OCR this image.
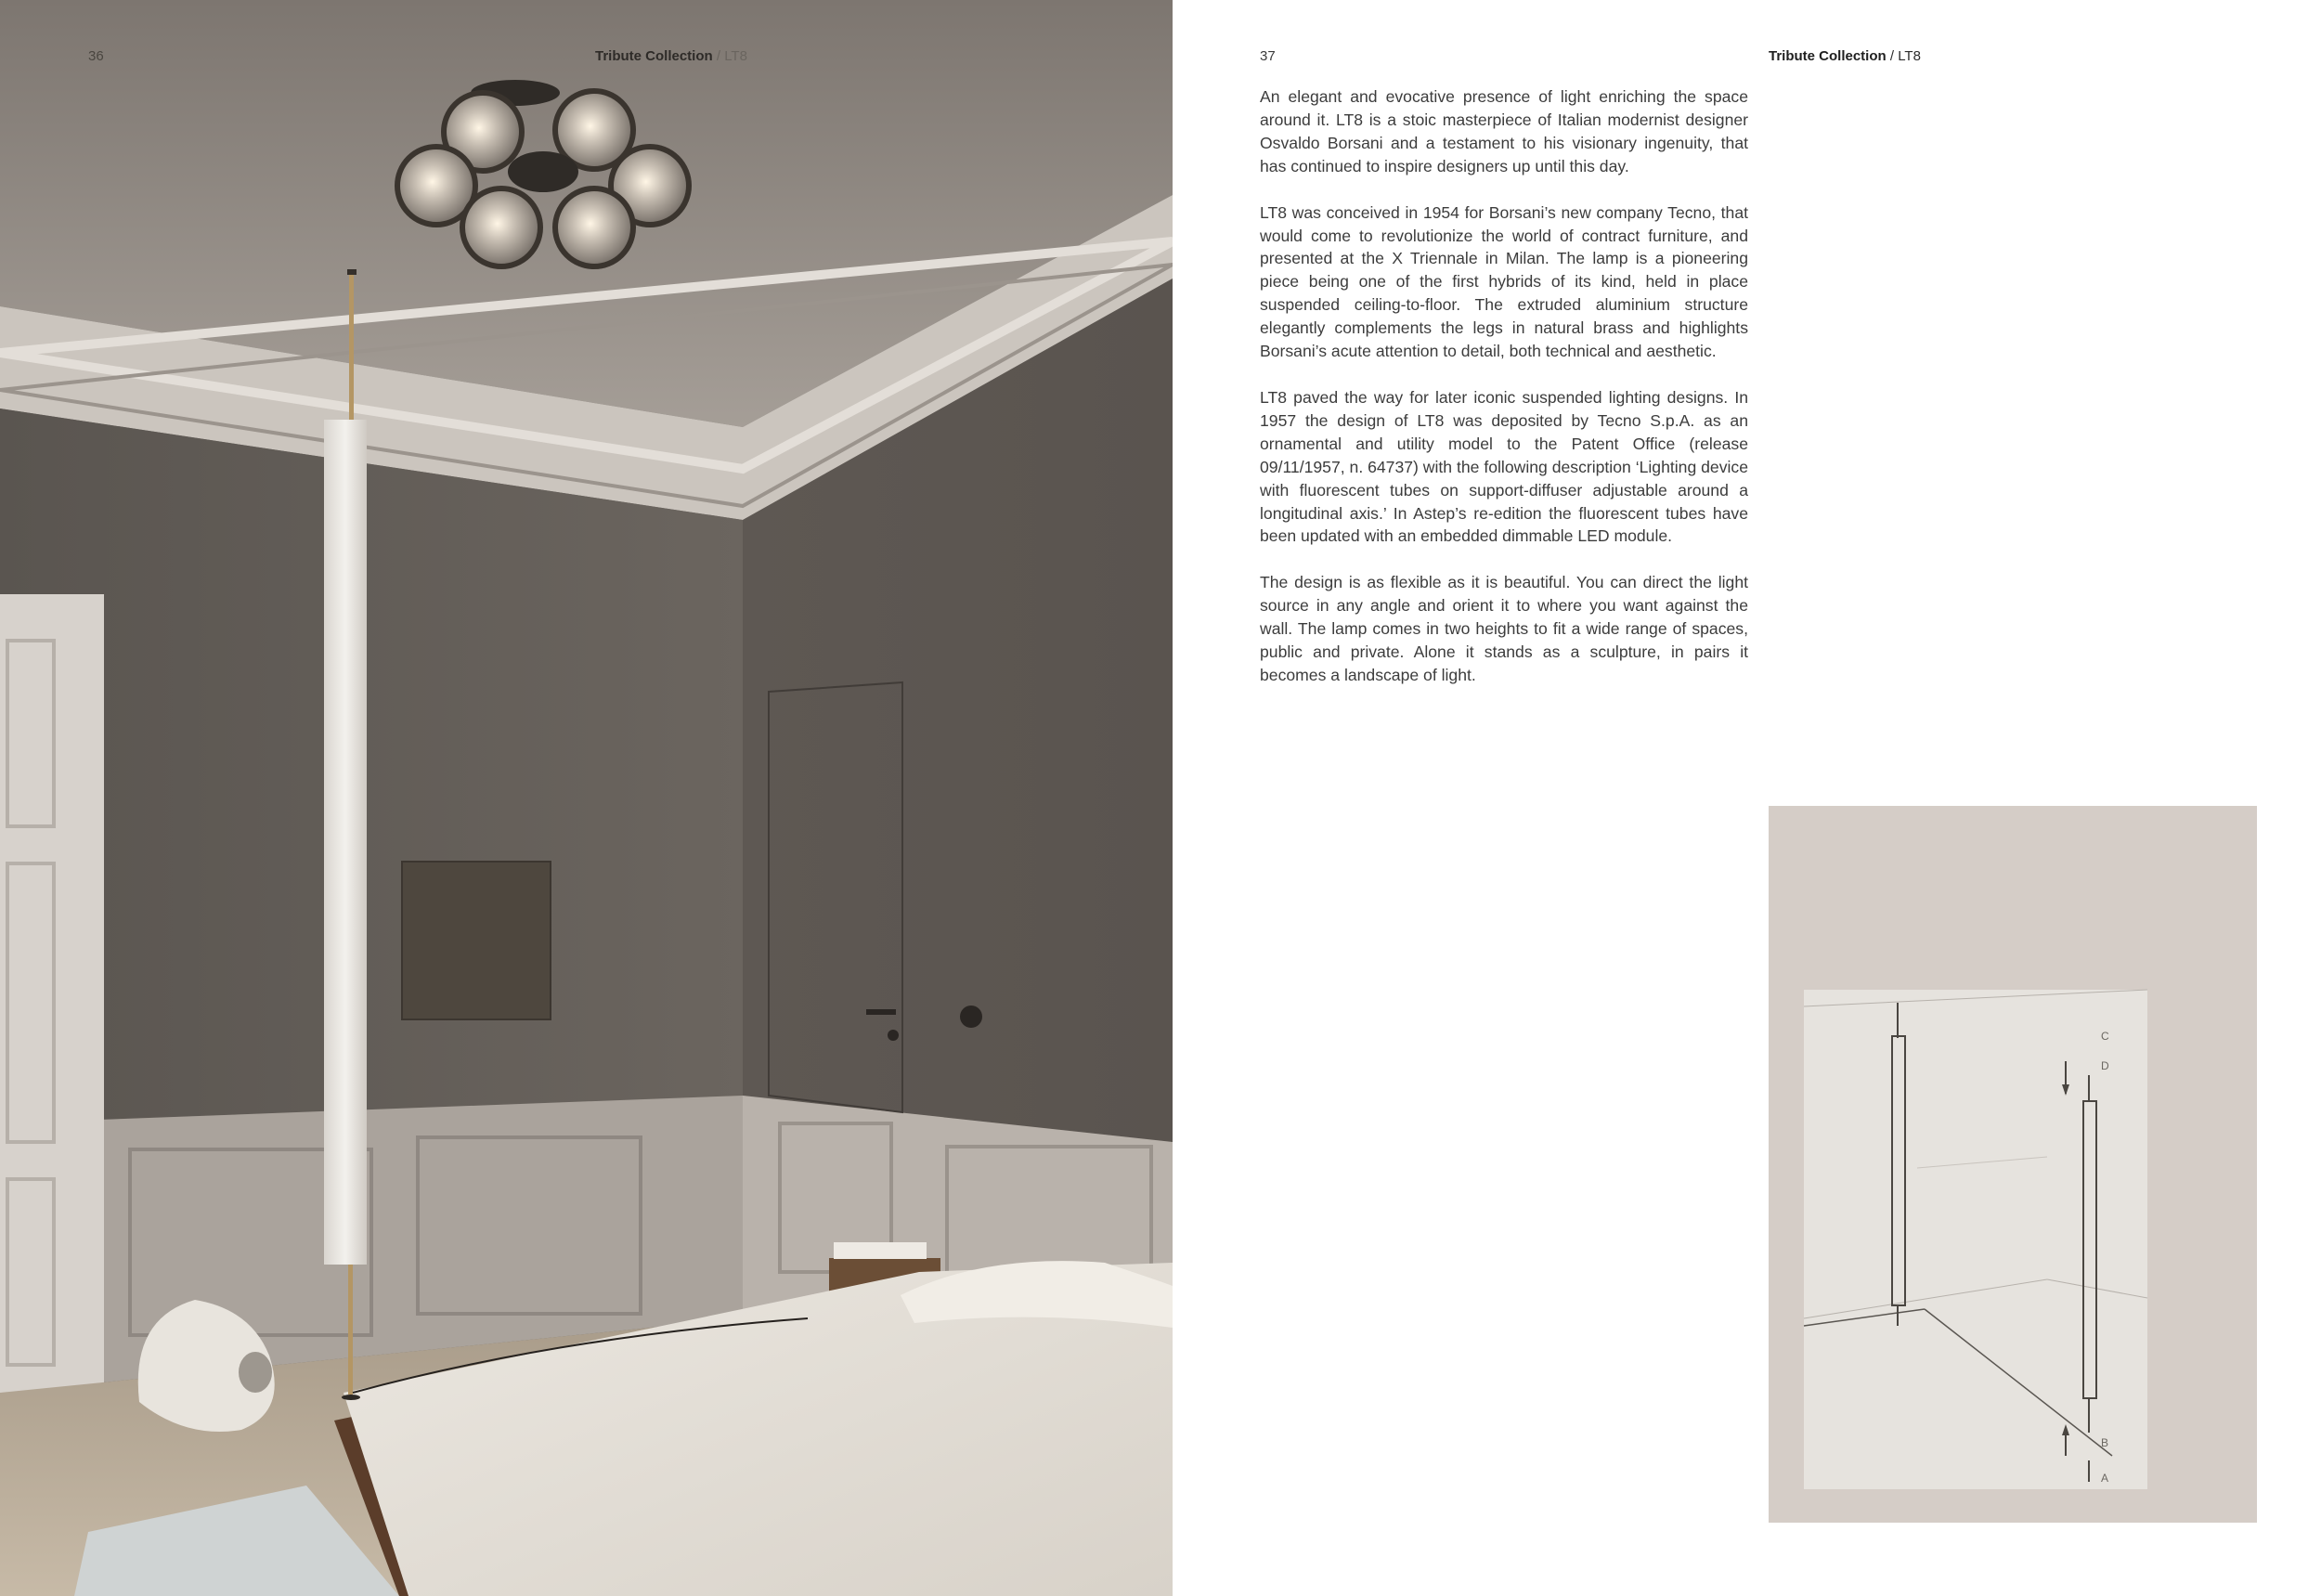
36	Tribute Collection / LT8	37	Tribute Collection / LT8

An elegant and evocative presence of light enriching the space around it. LT8 is a stoic masterpiece of Italian modernist designer Osvaldo Borsani and a testament to his visionary ingenuity, that has continued to inspire designers up until this day.

LT8 was conceived in 1954 for Borsani’s new company Tecno, that would come to revolutionize the world of contract furniture, and presented at the X Triennale in Milan. The lamp is a pioneering piece being one of the first hybrids of its kind, held in place suspended ceiling-to-floor. The extruded aluminium structure elegantly complements the legs in natural brass and highlights Borsani’s acute attention to detail, both technical and aesthetic.

LT8 paved the way for later iconic suspended lighting designs. In 1957 the design of LT8 was deposited by Tecno S.p.A. as an ornamental and utility model to the Patent Office (release 09/11/1957, n. 64737) with the following description ‘Lighting device with fluorescent tubes on support-diffuser adjustable around a longitudinal axis.’ In Astep’s re-edition the fluorescent tubes have been updated with an embedded dimmable LED module.

The design is as flexible as it is beautiful. You can direct the light source in any angle and orient it to where you want against the wall. The lamp comes in two heights to fit a wide range of spaces, public and private. Alone it stands as a sculpture, in pairs it becomes a landscape of light.

C
D
B
A
